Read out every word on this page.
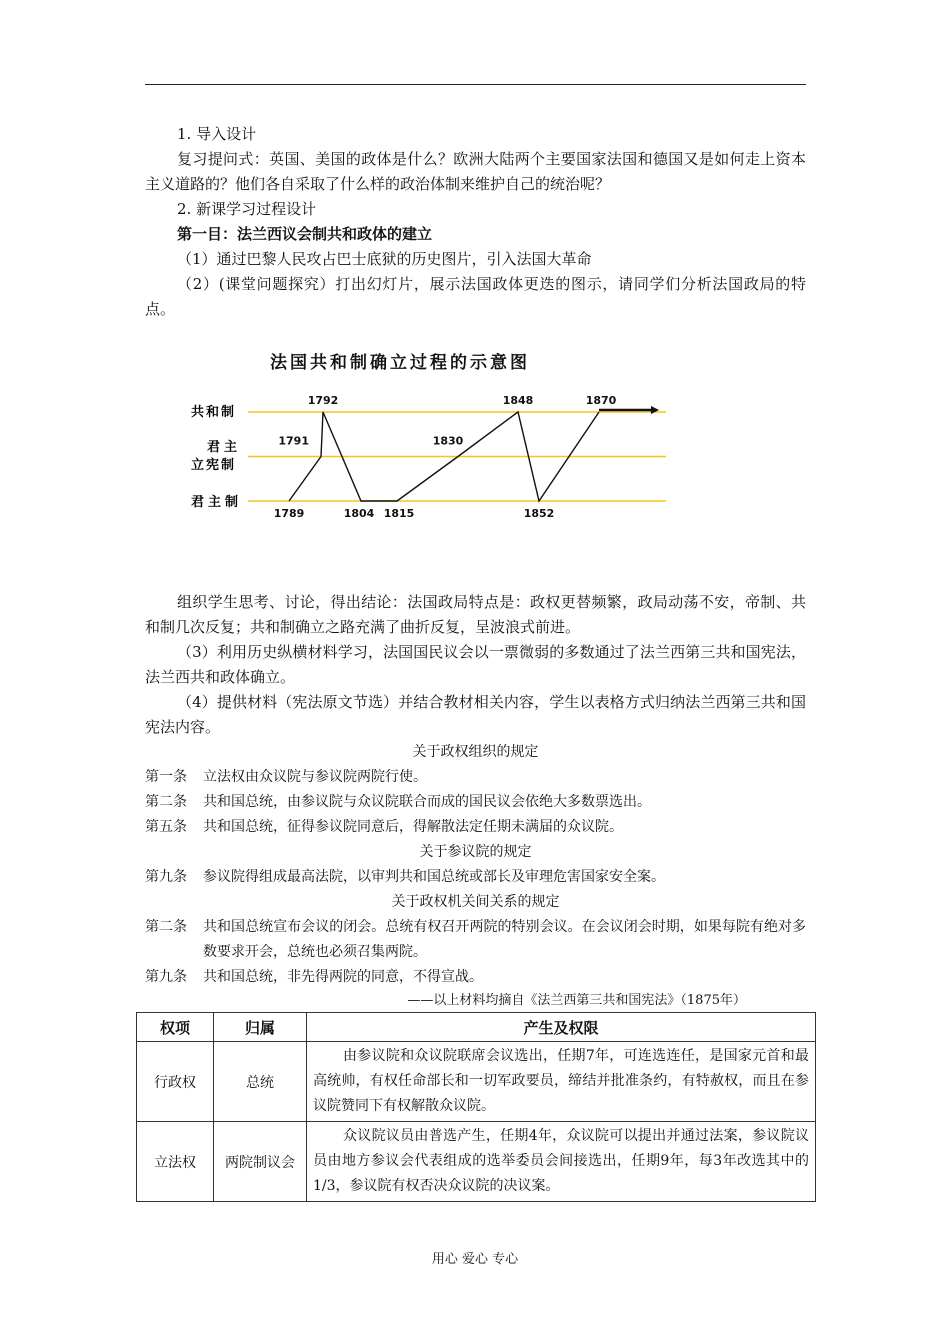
1. 导入设计

复习提问式：英国、美国的政体是什么？欧洲大陆两个主要国家法国和德国又是如何走上资本主义道路的？他们各自采取了什么样的政治体制来维护自己的统治呢？

2. 新课学习过程设计

第一目：法兰西议会制共和政体的建立

（1）通过巴黎人民攻占巴士底狱的历史图片，引入法国大革命

（2）(课堂问题探究）打出幻灯片，展示法国政体更迭的图示，请同学们分析法国政局的特点。

法国共和制确立过程的示意图
共和制
君主
立宪制
君主制
1789
1791
1792
1804 1815
1830
1848
1852
1870

组织学生思考、讨论，得出结论：法国政局特点是：政权更替频繁，政局动荡不安，帝制、共和制几次反复；共和制确立之路充满了曲折反复，呈波浪式前进。

（3）利用历史纵横材料学习，法国国民议会以一票微弱的多数通过了法兰西第三共和国宪法，法兰西共和政体确立。

（4）提供材料（宪法原文节选）并结合教材相关内容，学生以表格方式归纳法兰西第三共和国宪法内容。

关于政权组织的规定

第一条 立法权由众议院与参议院两院行使。

第二条 共和国总统，由参议院与众议院联合而成的国民议会依绝大多数票选出。

第五条 共和国总统，征得参议院同意后，得解散法定任期未满届的众议院。

关于参议院的规定

第九条 参议院得组成最高法院，以审判共和国总统或部长及审理危害国家安全案。

关于政权机关间关系的规定

第二条 共和国总统宣布会议的闭会。总统有权召开两院的特别会议。在会议闭会时期，如果每院有绝对多数要求开会，总统也必须召集两院。

第九条 共和国总统，非先得两院的同意，不得宣战。

——以上材料均摘自《法兰西第三共和国宪法》（1875年）

权项	归属	产生及权限
行政权	总统	由参议院和众议院联席会议选出，任期7年，可连选连任，是国家元首和最高统帅，有权任命部长和一切军政要员，缔结并批准条约，有特赦权，而且在参议院赞同下有权解散众议院。
立法权	两院制议会	众议院议员由普选产生，任期4年，众议院可以提出并通过法案，参议院议员由地方参议会代表组成的选举委员会间接选出，任期9年，每3年改选其中的1/3，参议院有权否决众议院的决议案。
用心 爱心 专心
